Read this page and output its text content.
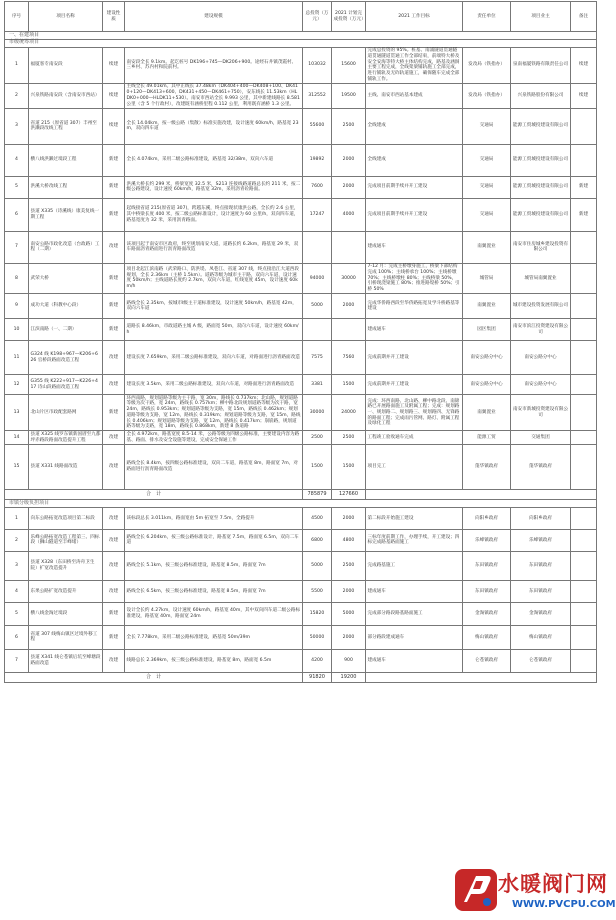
序号	项目名称	建设性质	建设规模	总投资（万元）	2021 计划完成投资（万元）	2021 工作目标	责任单位	项目业主	备注
一、在建项目									
市级统筹项目									
1	福厦客专南安段	续建	南安段全长 9.1km。起讫桩号 DK196+745—DK206+900。途经石井镇茂霞村、三乡村、苏内村和院前村。	103032	15600	完成总投资的 95%。桩基、南浦隧道贯通隧道贯通隧道贯通工作全部结束，前端特大桥及安全安海等特大桥主体结构完成，路基及涵洞主要工程完成，全线架梁铺轨施工全部完成，进行铺轨及无砟轨道施工，确保随车完成全部铺轨工作。	发改局（铁指办）	泉南福厦铁路有限责任公司	续建
2	兴泉铁路南安段（含南安市西站）	续建	主线全长 49.01km。其中正线长 37.48km（DK404+400—DK408+100、DK410+120—DK413+600、DK431+450—DK461+750），安东线长 11.53km（HLDK0+000—HLDK11+530）。南安市西站全长 9.993 公里，其中新建线路长 8.581 公里（含 5 个行政村），改建既有涵桥里程 0.112 公里，利用既有涵桥 1.3 公里。	312552	19500	主线、南安市西站基本建成	发改局（铁指办）	兴泉铁路股份有限公司	续建
3	省道 215（原省道 307）丰州至洪濑段改线工程	续建	全长 14.04km，按一级公路（集散）标准实施改建，设计速度 60km/h，路基宽 23m，双向四车道	55600	2500	全线建成	交通局	能源工贸城投建设有限公司	
4	横八线洪濑过境段工程	新建	全长 4.074km，采用二级公路标准建设，路基宽 32/38m，双向六车道	19892	2000	全线建成	交通局	能源工贸城投建设有限公司	
5	洪溪大桥改线工程	新建	洪溪大桥长约 299 米，桥梁宽度 32.5 米，S213 连接线路道路总长约 211 米，按二级公路建设，设计速度 60km/h，路基宽 32m，采用沥青砼路面。	7600	2000	完成项目前期手续并开工建设	交通局	能源工贸城投建设有限公司	新建
6	县道 X335（诗溪线）康美复线一期工程	新建	起线接省道 215(原省道 307)，跨越东溪，终点接现状康洪公路，全长约 2.6 公里，其中桥梁长度 400 米，按二级公路标准设计，设计速度为 60 公里/h，双向四车道，路基宽度为 32 米，采用沥青路面。	17247	4000	完成项目前期手续并开工建设	交通局	能源工贸城投建设有限公司	新建
7	南安公路市政化改造（台政路）工程（二期）	改建	该项目起于南安市区政府，终至规划南安大道，道路长约 6.2km，路基宽 29 米，双车路面沥青路面进行沥青路面改造			建成通车	南翼置业	南安市住房城乡建设投资有限公司	
8	武荣大桥	新建	项目北起江滨南路（武荣路口、防洪堤、凤巷江、省道 307 线，终点接沿江大道西段规划，全长 2.36km（主桥 1.5km）。道路等级为城市主干路，双向六车道，设计速度 50km/h；主线道路长度约 2.7km，双向六车道，红线宽度 45m，设计速度 60km/h	94000	30000	7-12 月：完成主桥墩身施工，桥梁下部结构完成 100%；主线桥承台 100%；主线桥墩 70%；主线桥墩柱 80%；主线桥梁 50%，引桥现浇梁施工 80%；推进路堤桥 50%；引桥 50%	城管局	城管局南翼置业	
9	成功大道（科教中心段）	新建	路线全长 2.35km，按城市Ⅰ级主干道标准建设，设计速度 50km/h，路基宽 42m，双向六车道	5000	2000	完成华侨路西段至华侨路拓宽及学斗桥路基等建设	南翼置业	城市建设投资发展有限公司	
10	江滨南路（一、二期）	新建	道路长 8.46km，市政道路主城 A 级，路面宽 50m，双向六车道，设计速度 60km/h			建成通车	园区集团	南安市滨江投资建设有限公司	
11	G324 线 K198+967—K206+626 官桥段路面改造工程	改建	建设长度 7.659km，采用二级公路标准建设，双向六车道，对路面进行沥青路面改造	7575	7560	完成前期并开工建设	南安公路分中心	南安公路分中心	
12	G355 线 K222+917—K226+417 诗山段路面改造工程	改建	建设长度 3.5km，采用二级公路标准建设，双向六车道，对路面进行沥青路面改造	3381	1500	完成前期并开工建设	南安公路分中心	南安公路分中心	
13	北山片区市政配套路网	新建	环西南路，规划道路等级为主干路，宽 30m，路线长 0.737km；北山路，规划道路等级为次干路，宽 24m，路线长 0.757km；柳中路北段规划道路等级为次干路，宽 24m，路线长 0.953km；规划道路等级为支路，宽 15m，路线长 0.462km；规划道路等级为支路，宽 12m，路线长 0.319km；规划道路等级为支路，宽 15m，路线长 0.406km；规划道路等级为支路，宽 12m，路线长 0.417km；崩崩路，规划道路等级为支路，宽 18m，路线长 0.868km，新建 8 条道路	30000	24000	完成：环西南路、北山路、柳中路北段、南锦路已开展路面施工及附属工程；完成：规划路一、规划路二、规划路三、规划路四、无锋路的路面工程；完成雨污管网、路灯、附属工程及绿化工程	南翼置业	南安市新城投资建设有限公司	
14	县道 X325 线罗东镇新国厝至九都坪赤路段路面改造提升工程	改建	全长 4.972km，路基宽度 8.5-14 米，公路等级为四级公路标准，主要建设内容为路基、路面、排水及安全设施等建设，完成安全保通工作	2500	2500	工程竣工验收通车完成	能源工贸	交通集团	
15	县道 X331 线路面改造	改建	路线全长 8.4km，按四级公路标准建设，双向二车道，路基宽 8m，路面宽 7m，对路面进行沥青路面改造	1500	1500	项目完工	蓬华镇政府	蓬华镇政府	
合　计				785879	127660				
市镇分级负担项目									
1	向东公路拓宽改造项目第二标段	改建	该标段总长 3.011km，路面宽由 5m 拓宽至 7.5m，全路提升	4500	2000	第二标段开始施工建设	向阳乡政府	向阳乡政府	
2	乐峰公路拓宽改造工程第三、四标段（狮山隧道至丰峰堵）	改建	路线全长 6.204km，按三级公路标准设计，路基宽 7.5m，路面宽 6.5m，双向二车道	6800	4800	三标年度前期工作，办理手续，开工建设；四标完成路基路面施工	乐峰镇政府	乐峰镇政府	
3	县道 X328（东田桥至涛舟卫生院）扩宽改造提升	改建	路线全长 5.1km，按三级公路标准建设，路基宽 8.5m，路面宽 7m	5000	2500	完成路基施工	东田镇政府	东田镇政府	
4	东果公路扩宽改造提升	改建	路线全长 6.5km，按三级公路标准建设，路基宽 8.5m，路面宽 7m	5500	2000	建成通车	东田镇政府	东田镇政府	
5	横八线金淘过境段	新建	设计全长约 4.27km，设计速度 60km/h，路基宽 40m，其中双向四车道二级公路标准建设，路基宽 40m，路面宽 24m	15820	5000	完成部分路段路基路面施工	金淘镇政府	金淘镇政府	
6	省道 307 线梅山镇区过境外移工程	新建	全长 7.778km，采用二级公路标准建设，路基宽 50m/39m	50000	2000	部分路段建成通车	梅山镇政府	梅山镇政府	
7	县道 X341 线仑苍镇后坑至峰塘段路面改造	改建	线路总长 2.369km，按三级公路标准建设，路基宽 8m，路面宽 6.5m	4200	900	建成通车	仑苍镇政府	仑苍镇政府	
合　计				91820	19200				
水暖阀门网
WWW.PVCPU.COM
